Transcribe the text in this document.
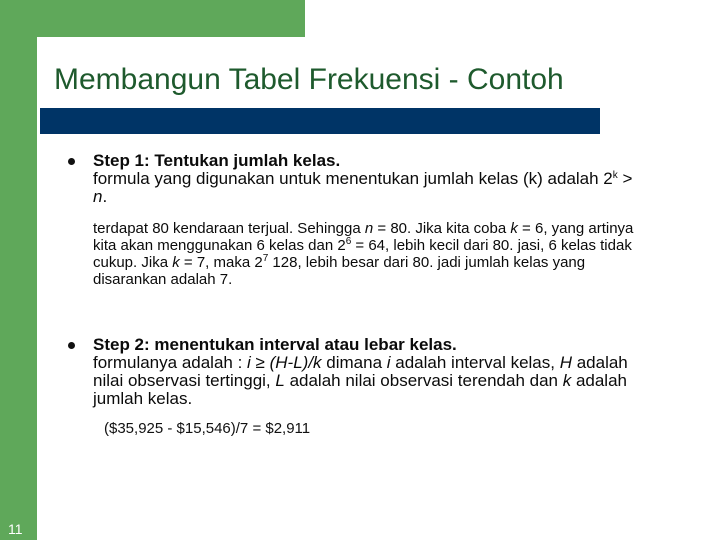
Membangun Tabel Frekuensi - Contoh
11
Step 1: Tentukan jumlah kelas.
formula yang digunakan untuk menentukan jumlah kelas (k) adalah $2^k > n$.
terdapat 80 kendaraan terjual. Sehingga n = 80. Jika kita coba k = 6, yang artinya kita akan menggunakan 6 kelas dan $2^6 = 64$, lebih kecil dari 80. jasi, 6 kelas tidak cukup. Jika k = 7, maka $2^7$ 128, lebih besar dari 80. jadi jumlah kelas yang disarankan adalah 7.
Step 2: menentukan interval atau lebar kelas.
formulanya adalah : i ≥ (H-L)/k dimana i adalah interval kelas, H adalah nilai observasi tertinggi, L adalah nilai observasi terendah dan k adalah jumlah kelas.
($35,925 - $15,546)/7 = $2,911
